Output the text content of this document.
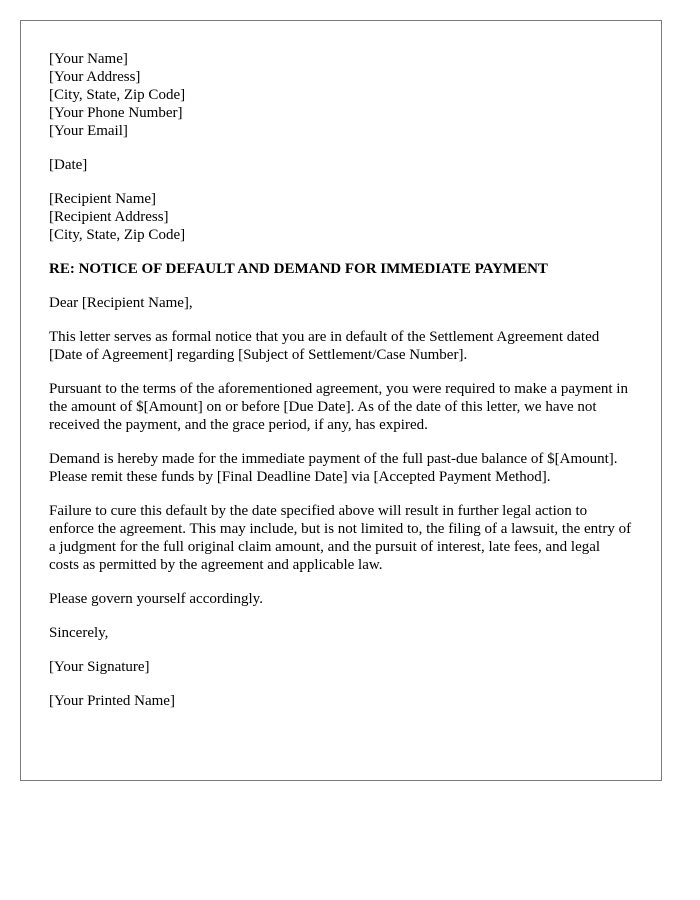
[Your Name]
[Your Address]
[City, State, Zip Code]
[Your Phone Number]
[Your Email]
[Date]
[Recipient Name]
[Recipient Address]
[City, State, Zip Code]
RE: NOTICE OF DEFAULT AND DEMAND FOR IMMEDIATE PAYMENT

Dear [Recipient Name],

This letter serves as formal notice that you are in default of the Settlement Agreement dated [Date of Agreement] regarding [Subject of Settlement/Case Number].

Pursuant to the terms of the aforementioned agreement, you were required to make a payment in the amount of $[Amount] on or before [Due Date]. As of the date of this letter, we have not received the payment, and the grace period, if any, has expired.

Demand is hereby made for the immediate payment of the full past-due balance of $[Amount]. Please remit these funds by [Final Deadline Date] via [Accepted Payment Method].

Failure to cure this default by the date specified above will result in further legal action to enforce the agreement. This may include, but is not limited to, the filing of a lawsuit, the entry of a judgment for the full original claim amount, and the pursuit of interest, late fees, and legal costs as permitted by the agreement and applicable law.

Please govern yourself accordingly.

Sincerely,

[Your Signature]

[Your Printed Name]
